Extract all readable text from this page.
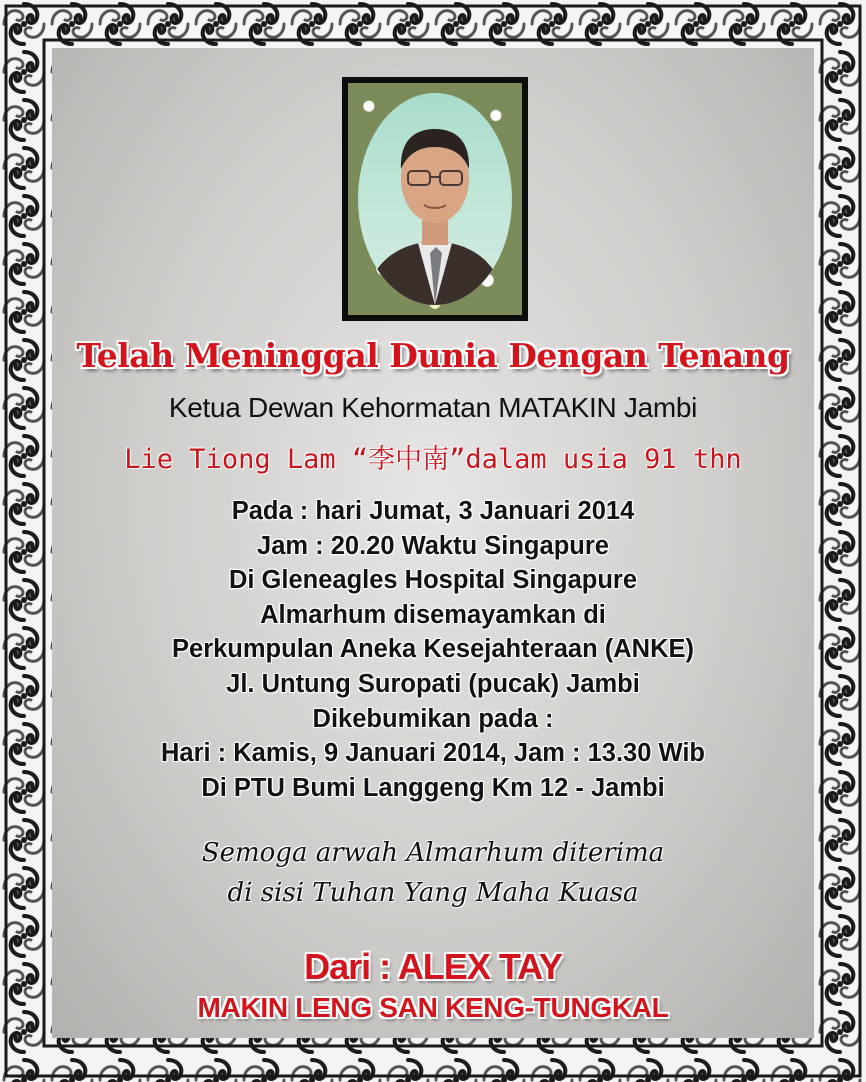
Telah Meninggal Dunia Dengan Tenang
Ketua Dewan Kehormatan MATAKIN Jambi
Lie Tiong Lam “李中南”dalam usia 91 thn
Pada : hari Jumat, 3 Januari 2014
Jam : 20.20 Waktu Singapure
Di Gleneagles Hospital Singapure
Almarhum disemayamkan di
Perkumpulan Aneka Kesejahteraan (ANKE)
Jl. Untung Suropati (pucak) Jambi
Dikebumikan pada :
Hari : Kamis, 9 Januari 2014, Jam : 13.30 Wib
Di PTU Bumi Langgeng Km 12 - Jambi
Semoga arwah Almarhum diterima
di sisi Tuhan Yang Maha Kuasa
Dari : ALEX TAY
MAKIN LENG SAN KENG-TUNGKAL
